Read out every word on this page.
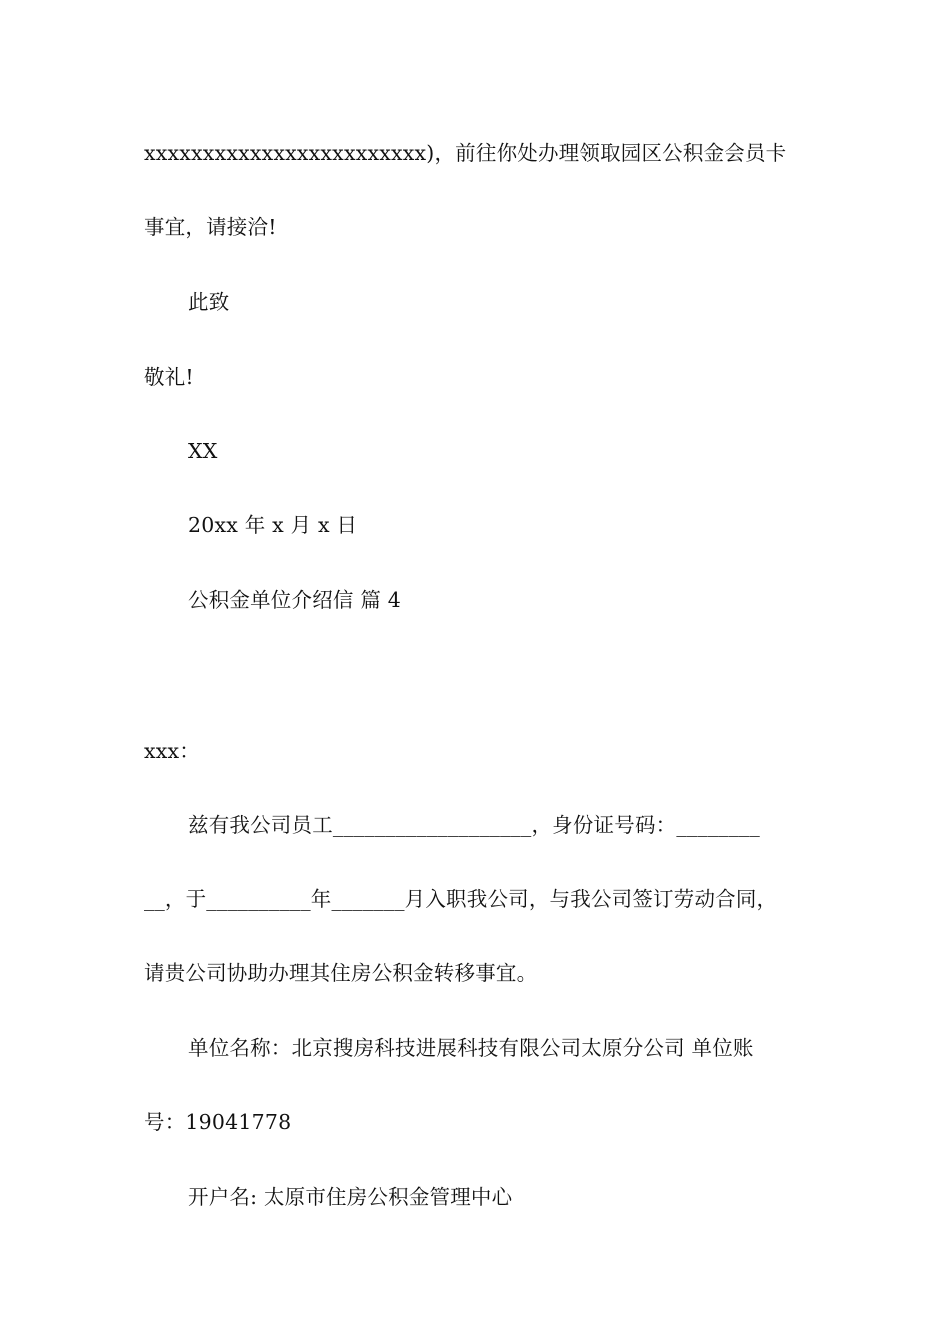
xxxxxxxxxxxxxxxxxxxxxxxx)，前往你处办理领取园区公积金会员卡
事宜，请接洽!
此致
敬礼!
XX
20xx 年 x 月 x 日
公积金单位介绍信 篇 4
xxx：
兹有我公司员工___________________，身份证号码：________
__，于__________年_______月入职我公司，与我公司签订劳动合同，
请贵公司协助办理其住房公积金转移事宜。
单位名称：北京搜房科技进展科技有限公司太原分公司 单位账
号：19041778
开户名: 太原市住房公积金管理中心
